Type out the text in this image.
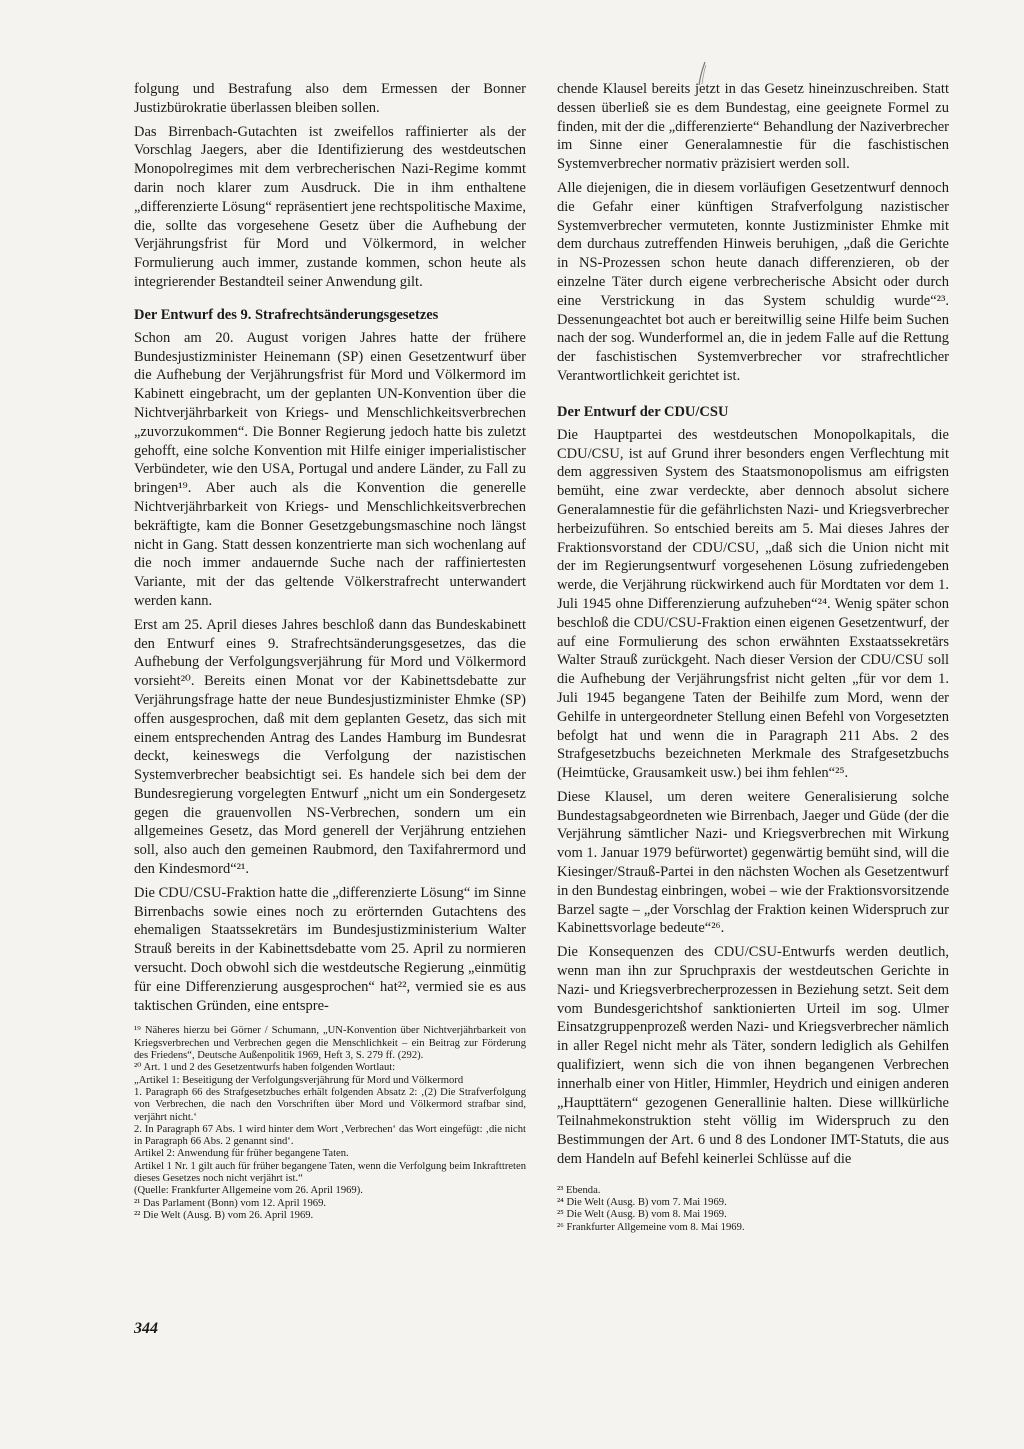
folgung und Bestrafung also dem Ermessen der Bonner Justizbürokratie überlassen bleiben sollen.

Das Birrenbach-Gutachten ist zweifellos raffinierter als der Vorschlag Jaegers, aber die Identifizierung des westdeutschen Monopolregimes mit dem verbrecherischen Nazi-Regime kommt darin noch klarer zum Ausdruck. Die in ihm enthaltene „differenzierte Lösung“ repräsentiert jene rechtspolitische Maxime, die, sollte das vorgesehene Gesetz über die Aufhebung der Verjährungsfrist für Mord und Völkermord, in welcher Formulierung auch immer, zustande kommen, schon heute als integrierender Bestandteil seiner Anwendung gilt.

Der Entwurf des 9. Strafrechtsänderungsgesetzes

Schon am 20. August vorigen Jahres hatte der frühere Bundesjustizminister Heinemann (SP) einen Gesetzentwurf über die Aufhebung der Verjährungsfrist für Mord und Völkermord im Kabinett eingebracht, um der geplanten UN-Konvention über die Nichtverjährbarkeit von Kriegs- und Menschlichkeitsverbrechen „zuvorzukommen“. Die Bonner Regierung jedoch hatte bis zuletzt gehofft, eine solche Konvention mit Hilfe einiger imperialistischer Verbündeter, wie den USA, Portugal und andere Länder, zu Fall zu bringen¹⁹. Aber auch als die Konvention die generelle Nichtverjährbarkeit von Kriegs- und Menschlichkeitsverbrechen bekräftigte, kam die Bonner Gesetzgebungsmaschine noch längst nicht in Gang. Statt dessen konzentrierte man sich wochenlang auf die noch immer andauernde Suche nach der raffiniertesten Variante, mit der das geltende Völkerstrafrecht unterwandert werden kann.

Erst am 25. April dieses Jahres beschloß dann das Bundeskabinett den Entwurf eines 9. Strafrechtsänderungsgesetzes, das die Aufhebung der Verfolgungsverjährung für Mord und Völkermord vorsieht²⁰. Bereits einen Monat vor der Kabinettsdebatte zur Verjährungsfrage hatte der neue Bundesjustizminister Ehmke (SP) offen ausgesprochen, daß mit dem geplanten Gesetz, das sich mit einem entsprechenden Antrag des Landes Hamburg im Bundesrat deckt, keineswegs die Verfolgung der nazistischen Systemverbrecher beabsichtigt sei. Es handele sich bei dem der Bundesregierung vorgelegten Entwurf „nicht um ein Sondergesetz gegen die grauenvollen NS-Verbrechen, sondern um ein allgemeines Gesetz, das Mord generell der Verjährung entziehen soll, also auch den gemeinen Raubmord, den Taxifahrermord und den Kindesmord“²¹.

Die CDU/CSU-Fraktion hatte die „differenzierte Lösung“ im Sinne Birrenbachs sowie eines noch zu erörternden Gutachtens des ehemaligen Staatssekretärs im Bundesjustizministerium Walter Strauß bereits in der Kabinettsdebatte vom 25. April zu normieren versucht. Doch obwohl sich die westdeutsche Regierung „einmütig für eine Differenzierung ausgesprochen“ hat²², vermied sie es aus taktischen Gründen, eine entspre-

¹⁹ Näheres hierzu bei Görner / Schumann, „UN-Konvention über Nichtverjährbarkeit von Kriegsverbrechen und Verbrechen gegen die Menschlichkeit – ein Beitrag zur Förderung des Friedens“, Deutsche Außenpolitik 1969, Heft 3, S. 279 ff. (292).

²⁰ Art. 1 und 2 des Gesetzentwurfs haben folgenden Wortlaut:

„Artikel 1: Beseitigung der Verfolgungsverjährung für Mord und Völkermord

1. Paragraph 66 des Strafgesetzbuches erhält folgenden Absatz 2: ‚(2) Die Strafverfolgung von Verbrechen, die nach den Vorschriften über Mord und Völkermord strafbar sind, verjährt nicht.‘

2. In Paragraph 67 Abs. 1 wird hinter dem Wort ‚Verbrechen‘ das Wort eingefügt: ‚die nicht in Paragraph 66 Abs. 2 genannt sind‘.

Artikel 2: Anwendung für früher begangene Taten.

Artikel 1 Nr. 1 gilt auch für früher begangene Taten, wenn die Verfolgung beim Inkrafttreten dieses Gesetzes noch nicht verjährt ist.“

(Quelle: Frankfurter Allgemeine vom 26. April 1969).

²¹ Das Parlament (Bonn) vom 12. April 1969.

²² Die Welt (Ausg. B) vom 26. April 1969.

chende Klausel bereits jetzt in das Gesetz hineinzuschreiben. Statt dessen überließ sie es dem Bundestag, eine geeignete Formel zu finden, mit der die „differenzierte“ Behandlung der Naziverbrecher im Sinne einer Generalamnestie für die faschistischen Systemverbrecher normativ präzisiert werden soll.

Alle diejenigen, die in diesem vorläufigen Gesetzentwurf dennoch die Gefahr einer künftigen Strafverfolgung nazistischer Systemverbrecher vermuteten, konnte Justizminister Ehmke mit dem durchaus zutreffenden Hinweis beruhigen, „daß die Gerichte in NS-Prozessen schon heute danach differenzieren, ob der einzelne Täter durch eigene verbrecherische Absicht oder durch eine Verstrickung in das System schuldig wurde“²³. Dessenungeachtet bot auch er bereitwillig seine Hilfe beim Suchen nach der sog. Wunderformel an, die in jedem Falle auf die Rettung der faschistischen Systemverbrecher vor strafrechtlicher Verantwortlichkeit gerichtet ist.

Der Entwurf der CDU/CSU

Die Hauptpartei des westdeutschen Monopolkapitals, die CDU/CSU, ist auf Grund ihrer besonders engen Verflechtung mit dem aggressiven System des Staatsmonopolismus am eifrigsten bemüht, eine zwar verdeckte, aber dennoch absolut sichere Generalamnestie für die gefährlichsten Nazi- und Kriegsverbrecher herbeizuführen. So entschied bereits am 5. Mai dieses Jahres der Fraktionsvorstand der CDU/CSU, „daß sich die Union nicht mit der im Regierungsentwurf vorgesehenen Lösung zufriedengeben werde, die Verjährung rückwirkend auch für Mordtaten vor dem 1. Juli 1945 ohne Differenzierung aufzuheben“²⁴. Wenig später schon beschloß die CDU/CSU-Fraktion einen eigenen Gesetzentwurf, der auf eine Formulierung des schon erwähnten Exstaatssekretärs Walter Strauß zurückgeht. Nach dieser Version der CDU/CSU soll die Aufhebung der Verjährungsfrist nicht gelten „für vor dem 1. Juli 1945 begangene Taten der Beihilfe zum Mord, wenn der Gehilfe in untergeordneter Stellung einen Befehl von Vorgesetzten befolgt hat und wenn die in Paragraph 211 Abs. 2 des Strafgesetzbuchs bezeichneten Merkmale des Strafgesetzbuchs (Heimtücke, Grausamkeit usw.) bei ihm fehlen“²⁵.

Diese Klausel, um deren weitere Generalisierung solche Bundestagsabgeordneten wie Birrenbach, Jaeger und Güde (der die Verjährung sämtlicher Nazi- und Kriegsverbrechen mit Wirkung vom 1. Januar 1979 befürwortet) gegenwärtig bemüht sind, will die Kiesinger/Strauß-Partei in den nächsten Wochen als Gesetzentwurf in den Bundestag einbringen, wobei – wie der Fraktionsvorsitzende Barzel sagte – „der Vorschlag der Fraktion keinen Widerspruch zur Kabinettsvorlage bedeute“²⁶.

Die Konsequenzen des CDU/CSU-Entwurfs werden deutlich, wenn man ihn zur Spruchpraxis der westdeutschen Gerichte in Nazi- und Kriegsverbrecherprozessen in Beziehung setzt. Seit dem vom Bundesgerichtshof sanktionierten Urteil im sog. Ulmer Einsatzgruppenprozeß werden Nazi- und Kriegsverbrecher nämlich in aller Regel nicht mehr als Täter, sondern lediglich als Gehilfen qualifiziert, wenn sich die von ihnen begangenen Verbrechen innerhalb einer von Hitler, Himmler, Heydrich und einigen anderen „Haupttätern“ gezogenen Generallinie halten. Diese willkürliche Teilnahmekonstruktion steht völlig im Widerspruch zu den Bestimmungen der Art. 6 und 8 des Londoner IMT-Statuts, die aus dem Handeln auf Befehl keinerlei Schlüsse auf die

²³ Ebenda.

²⁴ Die Welt (Ausg. B) vom 7. Mai 1969.

²⁵ Die Welt (Ausg. B) vom 8. Mai 1969.

²⁶ Frankfurter Allgemeine vom 8. Mai 1969.

344
